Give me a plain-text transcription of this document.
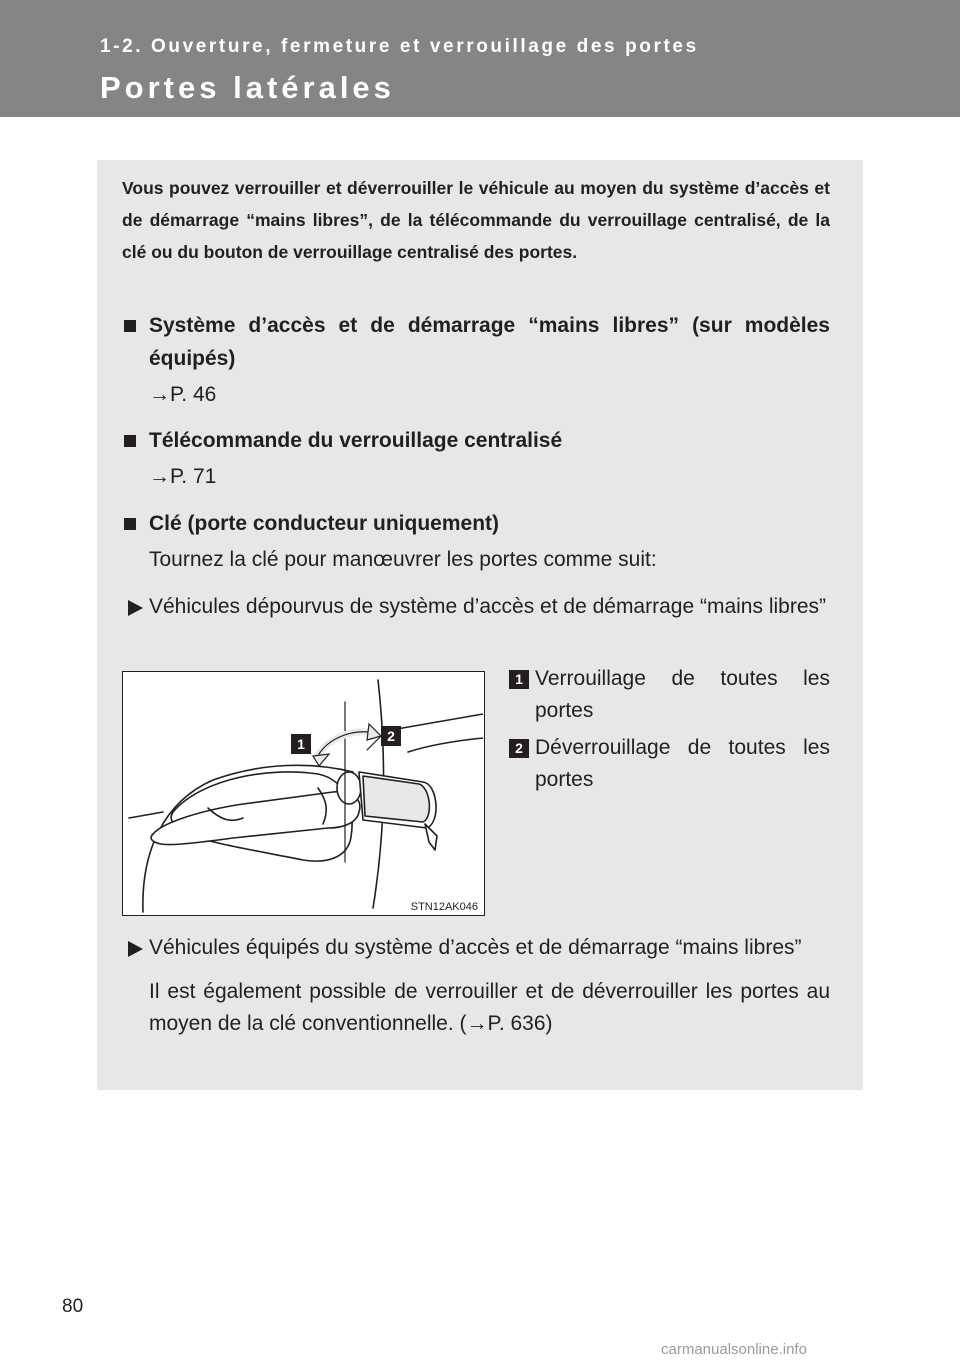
1-2. Ouverture, fermeture et verrouillage des portes
Portes latérales
Vous pouvez verrouiller et déverrouiller le véhicule au moyen du système d’accès et de démarrage “mains libres”, de la télécommande du verrouillage centralisé, de la clé ou du bouton de verrouillage centralisé des portes.
Système d’accès et de démarrage “mains libres” (sur modèles équipés)
→P. 46
Télécommande du verrouillage centralisé
→P. 71
Clé (porte conducteur uniquement)
Tournez la clé pour manœuvrer les portes comme suit:
Véhicules dépourvus de système d’accès et de démarrage “mains libres”
1	2
STN12AK046
1 Verrouillage de toutes les portes
2 Déverrouillage de toutes les portes
Véhicules équipés du système d’accès et de démarrage “mains libres”
Il est également possible de verrouiller et de déverrouiller les portes au moyen de la clé conventionnelle. (→P. 636)
80
carmanualsonline.info
